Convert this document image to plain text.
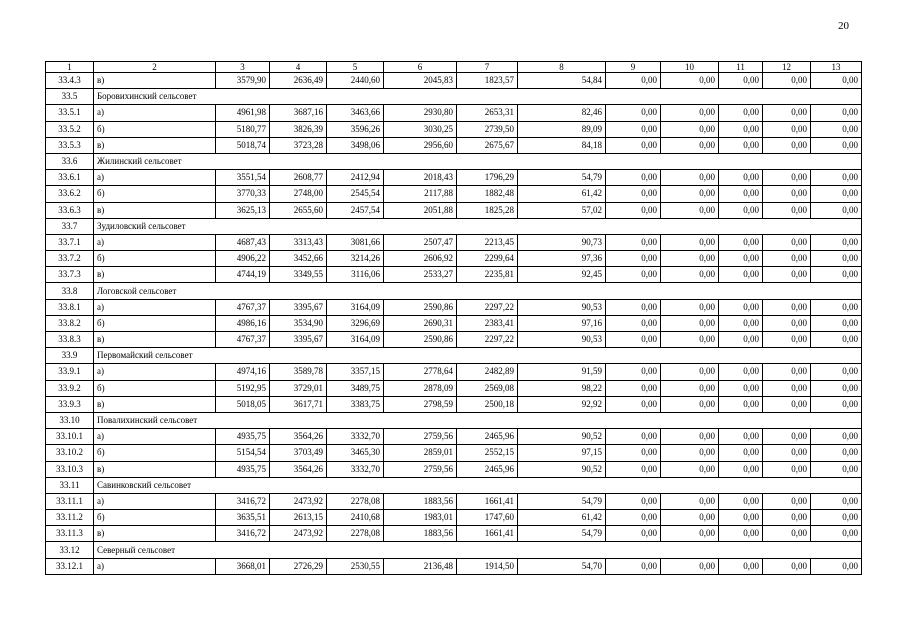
20
1	2	3	4	5	6	7	8	9	10	11	12	13
33.4.3	в)	3579,90	2636,49	2440,60	2045,83	1823,57	54,84	0,00	0,00	0,00	0,00	0,00
33.5	Боровихинский сельсовет											
33.5.1	а)	4961,98	3687,16	3463,66	2930,80	2653,31	82,46	0,00	0,00	0,00	0,00	0,00
33.5.2	б)	5180,77	3826,39	3596,26	3030,25	2739,50	89,09	0,00	0,00	0,00	0,00	0,00
33.5.3	в)	5018,74	3723,28	3498,06	2956,60	2675,67	84,18	0,00	0,00	0,00	0,00	0,00
33.6	Жилинский сельсовет											
33.6.1	а)	3551,54	2608,77	2412,94	2018,43	1796,29	54,79	0,00	0,00	0,00	0,00	0,00
33.6.2	б)	3770,33	2748,00	2545,54	2117,88	1882,48	61,42	0,00	0,00	0,00	0,00	0,00
33.6.3	в)	3625,13	2655,60	2457,54	2051,88	1825,28	57,02	0,00	0,00	0,00	0,00	0,00
33.7	Зудиловский сельсовет											
33.7.1	а)	4687,43	3313,43	3081,66	2507,47	2213,45	90,73	0,00	0,00	0,00	0,00	0,00
33.7.2	б)	4906,22	3452,66	3214,26	2606,92	2299,64	97,36	0,00	0,00	0,00	0,00	0,00
33.7.3	в)	4744,19	3349,55	3116,06	2533,27	2235,81	92,45	0,00	0,00	0,00	0,00	0,00
33.8	Логовской сельсовет											
33.8.1	а)	4767,37	3395,67	3164,09	2590,86	2297,22	90,53	0,00	0,00	0,00	0,00	0,00
33.8.2	б)	4986,16	3534,90	3296,69	2690,31	2383,41	97,16	0,00	0,00	0,00	0,00	0,00
33.8.3	в)	4767,37	3395,67	3164,09	2590,86	2297,22	90,53	0,00	0,00	0,00	0,00	0,00
33.9	Первомайский сельсовет											
33.9.1	а)	4974,16	3589,78	3357,15	2778,64	2482,89	91,59	0,00	0,00	0,00	0,00	0,00
33.9.2	б)	5192,95	3729,01	3489,75	2878,09	2569,08	98,22	0,00	0,00	0,00	0,00	0,00
33.9.3	в)	5018,05	3617,71	3383,75	2798,59	2500,18	92,92	0,00	0,00	0,00	0,00	0,00
33.10	Повалихинский сельсовет											
33.10.1	а)	4935,75	3564,26	3332,70	2759,56	2465,96	90,52	0,00	0,00	0,00	0,00	0,00
33.10.2	б)	5154,54	3703,49	3465,30	2859,01	2552,15	97,15	0,00	0,00	0,00	0,00	0,00
33.10.3	в)	4935,75	3564,26	3332,70	2759,56	2465,96	90,52	0,00	0,00	0,00	0,00	0,00
33.11	Савинковский сельсовет											
33.11.1	а)	3416,72	2473,92	2278,08	1883,56	1661,41	54,79	0,00	0,00	0,00	0,00	0,00
33.11.2	б)	3635,51	2613,15	2410,68	1983,01	1747,60	61,42	0,00	0,00	0,00	0,00	0,00
33.11.3	в)	3416,72	2473,92	2278,08	1883,56	1661,41	54,79	0,00	0,00	0,00	0,00	0,00
33.12	Северный сельсовет											
33.12.1	а)	3668,01	2726,29	2530,55	2136,48	1914,50	54,70	0,00	0,00	0,00	0,00	0,00
